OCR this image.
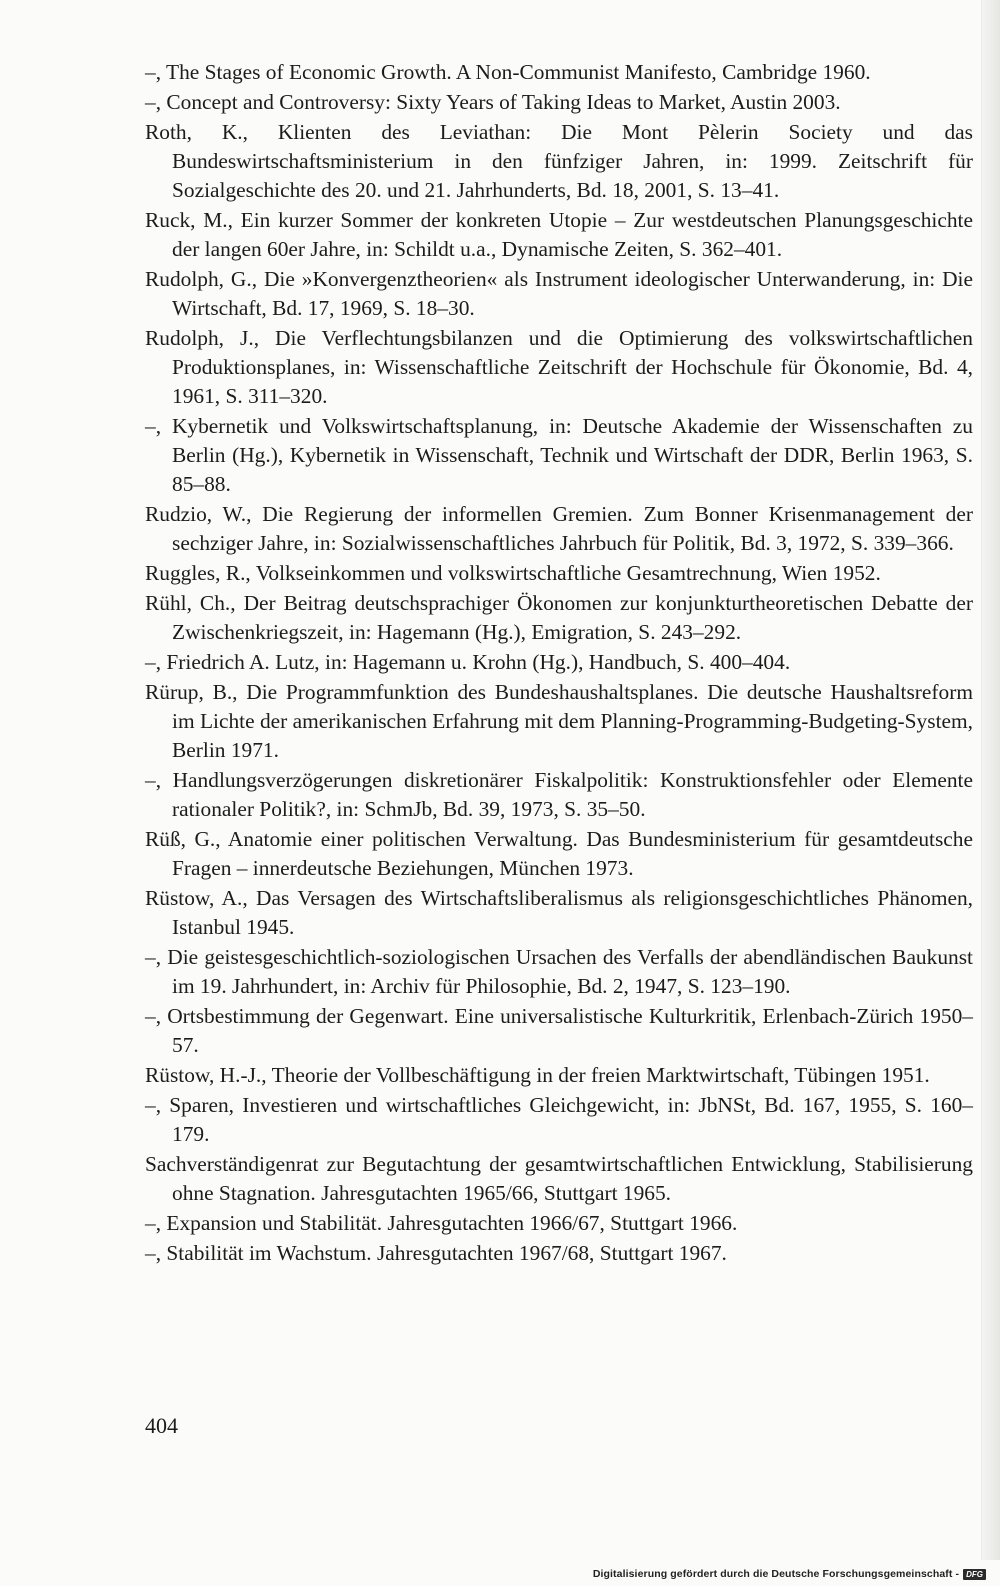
–, The Stages of Economic Growth. A Non-Communist Manifesto, Cambridge 1960.
–, Concept and Controversy: Sixty Years of Taking Ideas to Market, Austin 2003.
Roth, K., Klienten des Leviathan: Die Mont Pèlerin Society und das Bundeswirtschaftsministerium in den fünfziger Jahren, in: 1999. Zeitschrift für Sozialgeschichte des 20. und 21. Jahrhunderts, Bd. 18, 2001, S. 13–41.
Ruck, M., Ein kurzer Sommer der konkreten Utopie – Zur westdeutschen Planungsgeschichte der langen 60er Jahre, in: Schildt u.a., Dynamische Zeiten, S. 362–401.
Rudolph, G., Die »Konvergenztheorien« als Instrument ideologischer Unterwanderung, in: Die Wirtschaft, Bd. 17, 1969, S. 18–30.
Rudolph, J., Die Verflechtungsbilanzen und die Optimierung des volkswirtschaftlichen Produktionsplanes, in: Wissenschaftliche Zeitschrift der Hochschule für Ökonomie, Bd. 4, 1961, S. 311–320.
–, Kybernetik und Volkswirtschaftsplanung, in: Deutsche Akademie der Wissenschaften zu Berlin (Hg.), Kybernetik in Wissenschaft, Technik und Wirtschaft der DDR, Berlin 1963, S. 85–88.
Rudzio, W., Die Regierung der informellen Gremien. Zum Bonner Krisenmanagement der sechziger Jahre, in: Sozialwissenschaftliches Jahrbuch für Politik, Bd. 3, 1972, S. 339–366.
Ruggles, R., Volkseinkommen und volkswirtschaftliche Gesamtrechnung, Wien 1952.
Rühl, Ch., Der Beitrag deutschsprachiger Ökonomen zur konjunkturtheoretischen Debatte der Zwischenkriegszeit, in: Hagemann (Hg.), Emigration, S. 243–292.
–, Friedrich A. Lutz, in: Hagemann u. Krohn (Hg.), Handbuch, S. 400–404.
Rürup, B., Die Programmfunktion des Bundeshaushaltsplanes. Die deutsche Haushaltsreform im Lichte der amerikanischen Erfahrung mit dem Planning-Programming-Budgeting-System, Berlin 1971.
–, Handlungsverzögerungen diskretionärer Fiskalpolitik: Konstruktionsfehler oder Elemente rationaler Politik?, in: SchmJb, Bd. 39, 1973, S. 35–50.
Rüß, G., Anatomie einer politischen Verwaltung. Das Bundesministerium für gesamtdeutsche Fragen – innerdeutsche Beziehungen, München 1973.
Rüstow, A., Das Versagen des Wirtschaftsliberalismus als religionsgeschichtliches Phänomen, Istanbul 1945.
–, Die geistesgeschichtlich-soziologischen Ursachen des Verfalls der abendländischen Baukunst im 19. Jahrhundert, in: Archiv für Philosophie, Bd. 2, 1947, S. 123–190.
–, Ortsbestimmung der Gegenwart. Eine universalistische Kulturkritik, Erlenbach-Zürich 1950–57.
Rüstow, H.-J., Theorie der Vollbeschäftigung in der freien Marktwirtschaft, Tübingen 1951.
–, Sparen, Investieren und wirtschaftliches Gleichgewicht, in: JbNSt, Bd. 167, 1955, S. 160–179.
Sachverständigenrat zur Begutachtung der gesamtwirtschaftlichen Entwicklung, Stabilisierung ohne Stagnation. Jahresgutachten 1965/66, Stuttgart 1965.
–, Expansion und Stabilität. Jahresgutachten 1966/67, Stuttgart 1966.
–, Stabilität im Wachstum. Jahresgutachten 1967/68, Stuttgart 1967.

404

Digitalisierung gefördert durch die Deutsche Forschungsgemeinschaft - DFG
